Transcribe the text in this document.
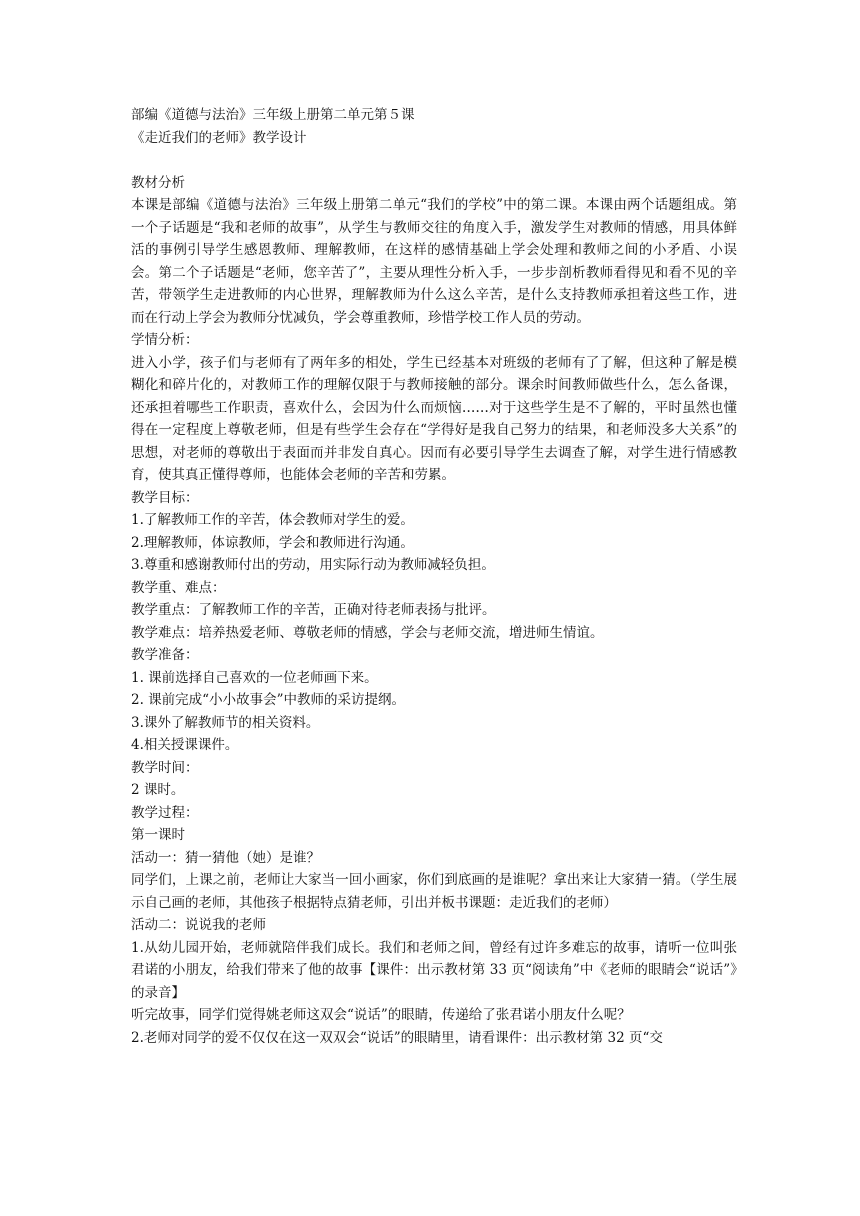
部编《道德与法治》三年级上册第二单元第５课

《走近我们的老师》教学设计

教材分析

本课是部编《道德与法治》三年级上册第二单元“我们的学校”中的第二课。本课由两个话题组成。第一个子话题是“我和老师的故事”，从学生与教师交往的角度入手，激发学生对教师的情感，用具体鲜活的事例引导学生感恩教师、理解教师，在这样的感情基础上学会处理和教师之间的小矛盾、小误会。第二个子话题是“老师，您辛苦了”，主要从理性分析入手，一步步剖析教师看得见和看不见的辛苦，带领学生走进教师的内心世界，理解教师为什么这么辛苦，是什么支持教师承担着这些工作，进而在行动上学会为教师分忧减负，学会尊重教师，珍惜学校工作人员的劳动。

学情分析：

进入小学，孩子们与老师有了两年多的相处，学生已经基本对班级的老师有了了解，但这种了解是模糊化和碎片化的，对教师工作的理解仅限于与教师接触的部分。课余时间教师做些什么，怎么备课，还承担着哪些工作职责，喜欢什么，会因为什么而烦恼……对于这些学生是不了解的，平时虽然也懂得在一定程度上尊敬老师，但是有些学生会存在“学得好是我自己努力的结果，和老师没多大关系”的思想，对老师的尊敬出于表面而并非发自真心。因而有必要引导学生去调查了解，对学生进行情感教育，使其真正懂得尊师，也能体会老师的辛苦和劳累。

教学目标：

1.了解教师工作的辛苦，体会教师对学生的爱。

2.理解教师，体谅教师，学会和教师进行沟通。

3.尊重和感谢教师付出的劳动，用实际行动为教师减轻负担。

教学重、难点：

教学重点：了解教师工作的辛苦，正确对待老师表扬与批评。

教学难点：培养热爱老师、尊敬老师的情感，学会与老师交流，增进师生情谊。

教学准备：

1. 课前选择自己喜欢的一位老师画下来。

2. 课前完成“小小故事会”中教师的采访提纲。

3.课外了解教师节的相关资料。

4.相关授课课件。

教学时间：

2 课时。

教学过程：

第一课时

活动一：猜一猜他（她）是谁？

同学们，上课之前，老师让大家当一回小画家，你们到底画的是谁呢？拿出来让大家猜一猜。（学生展示自己画的老师，其他孩子根据特点猜老师，引出并板书课题：走近我们的老师）

活动二：说说我的老师

1.从幼儿园开始，老师就陪伴我们成长。我们和老师之间，曾经有过许多难忘的故事，请听一位叫张君诺的小朋友，给我们带来了他的故事【课件：出示教材第 33 页“阅读角”中《老师的眼睛会“说话”》的录音】

听完故事，同学们觉得姚老师这双会“说话”的眼睛，传递给了张君诺小朋友什么呢？

2.老师对同学的爱不仅仅在这一双双会“说话”的眼睛里，请看课件：出示教材第 32 页“交
